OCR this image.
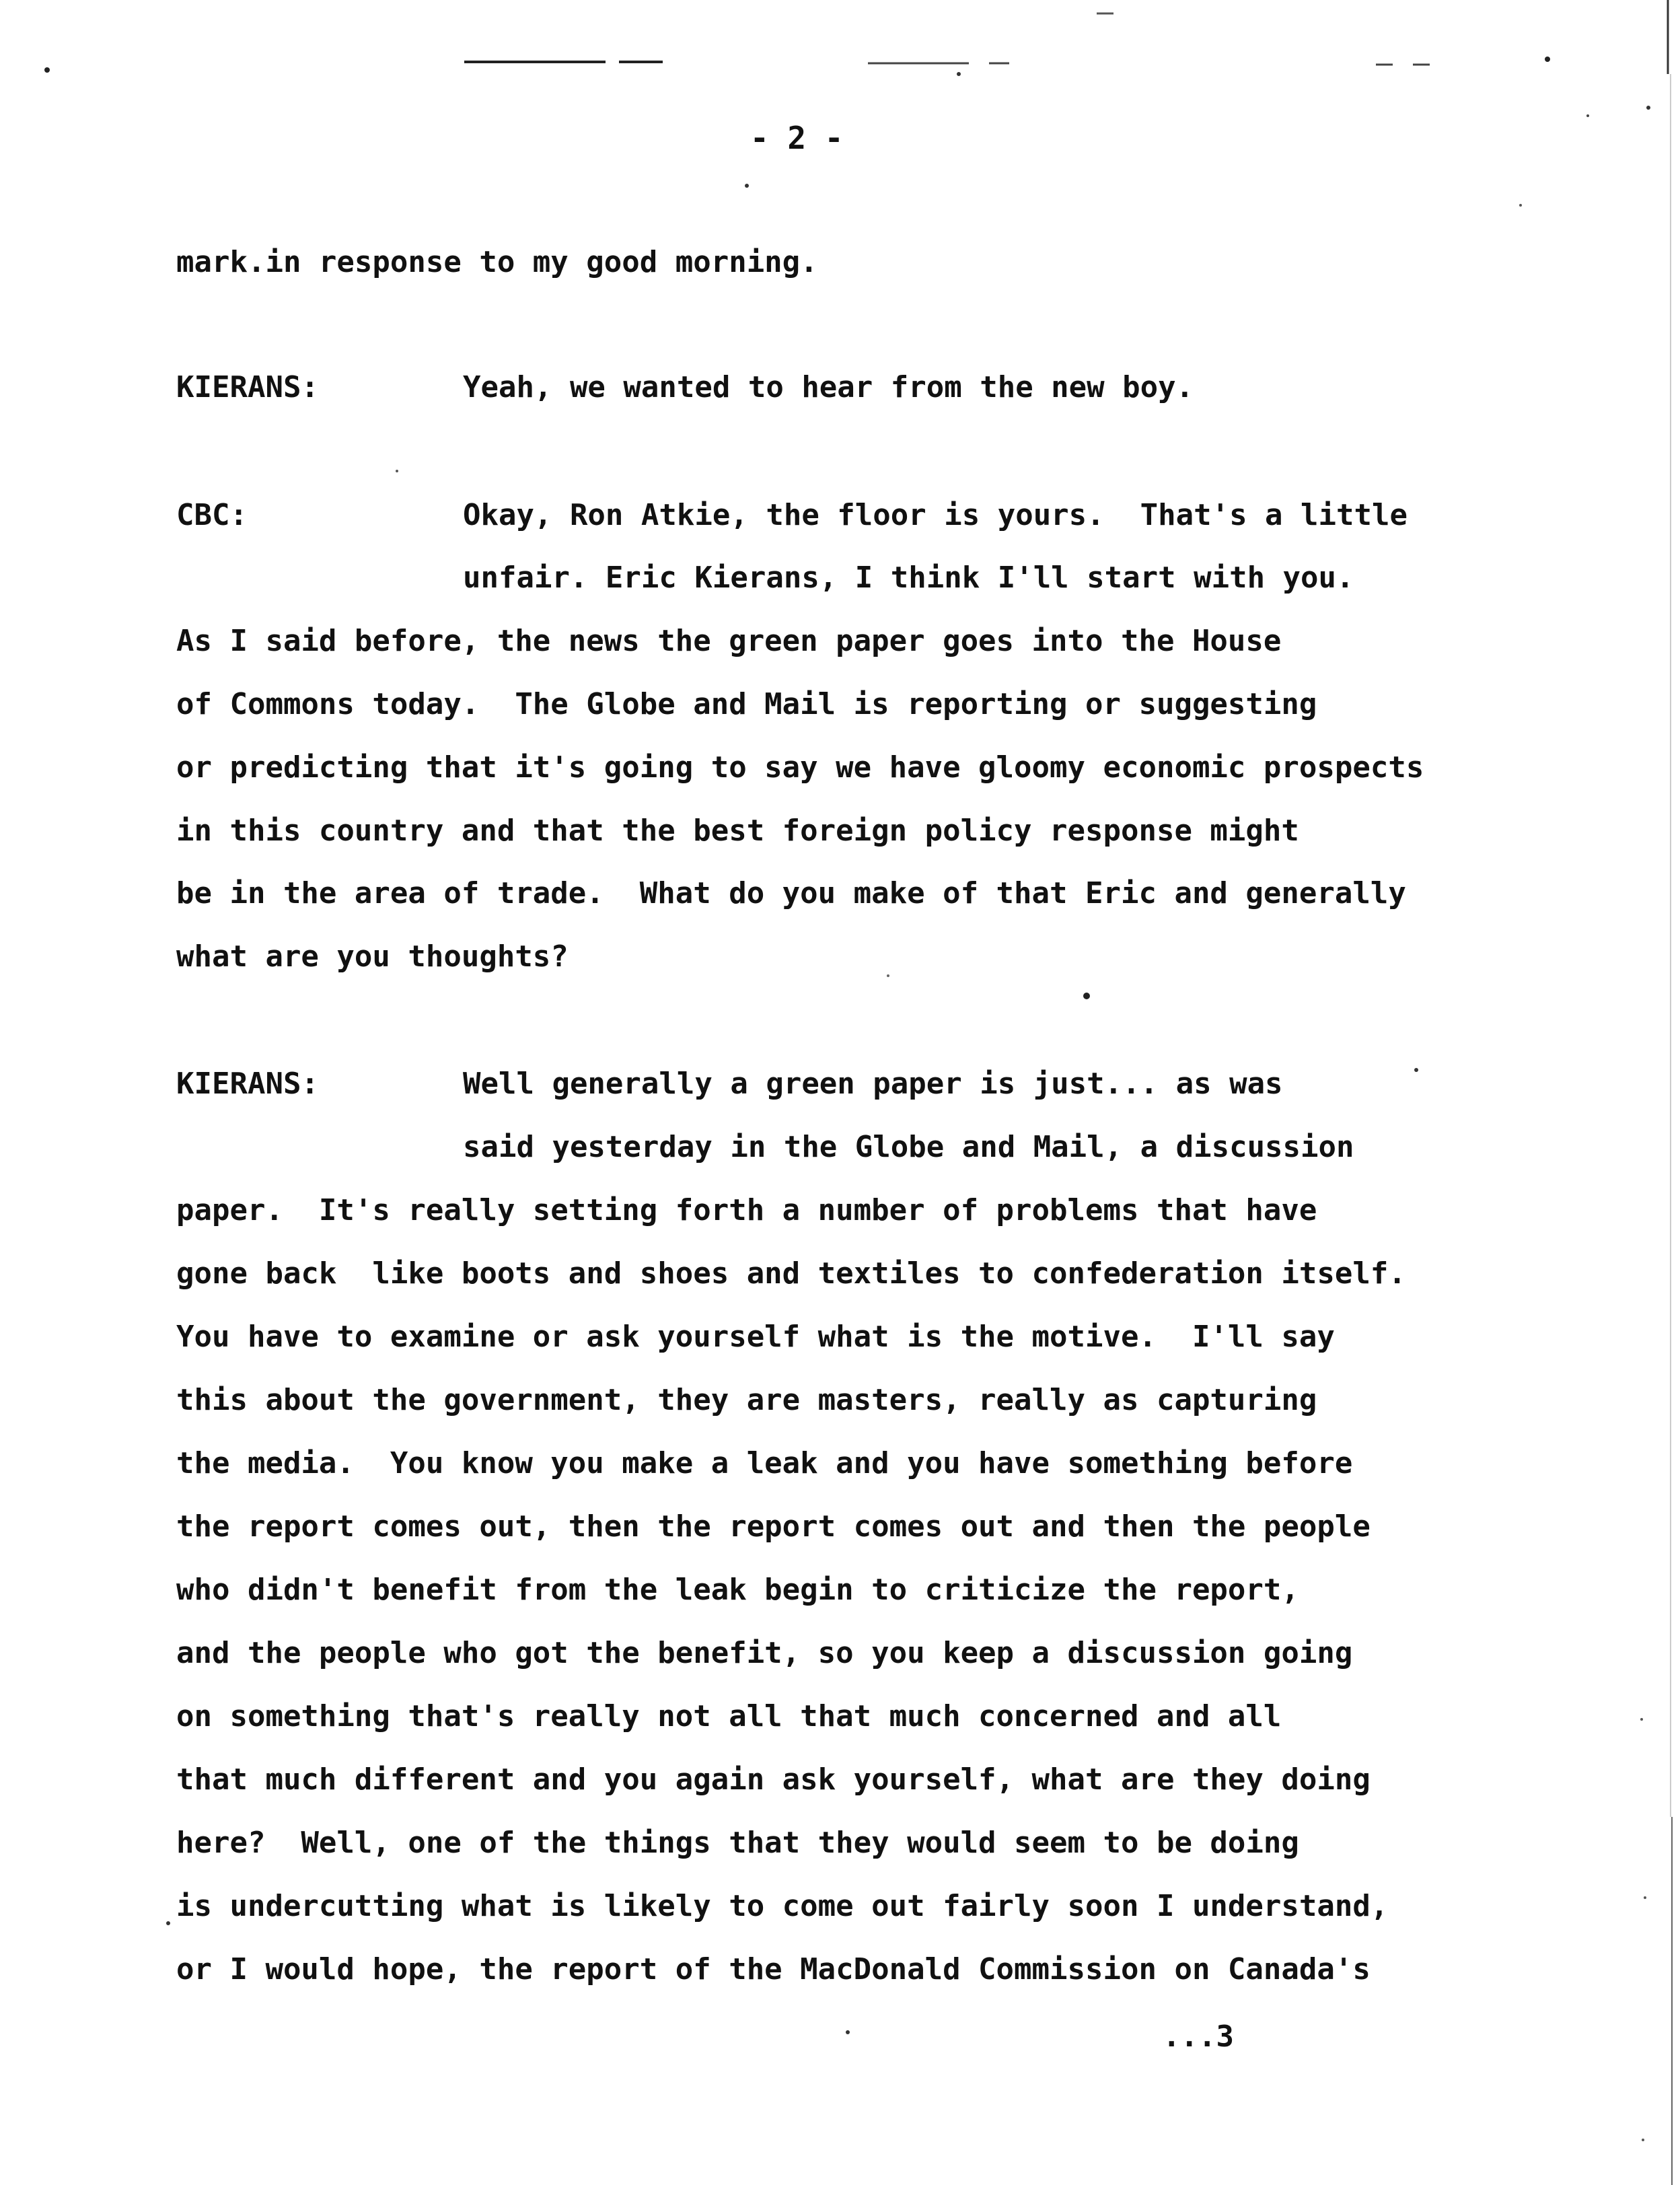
- 2 -
mark.in response to my good morning.
KIERANS:	Yeah, we wanted to hear from the new boy.
CBC:	Okay, Ron Atkie, the floor is yours.  That's a little
unfair. Eric Kierans, I think I'll start with you.
As I said before, the news the green paper goes into the House
of Commons today.  The Globe and Mail is reporting or suggesting
or predicting that it's going to say we have gloomy economic prospects
in this country and that the best foreign policy response might
be in the area of trade.  What do you make of that Eric and generally
what are you thoughts?
KIERANS:	Well generally a green paper is just... as was
said yesterday in the Globe and Mail, a discussion
paper.  It's really setting forth a number of problems that have
gone back  like boots and shoes and textiles to confederation itself.
You have to examine or ask yourself what is the motive.  I'll say
this about the government, they are masters, really as capturing
the media.  You know you make a leak and you have something before
the report comes out, then the report comes out and then the people
who didn't benefit from the leak begin to criticize the report,
and the people who got the benefit, so you keep a discussion going
on something that's really not all that much concerned and all
that much different and you again ask yourself, what are they doing
here?  Well, one of the things that they would seem to be doing
is undercutting what is likely to come out fairly soon I understand,
or I would hope, the report of the MacDonald Commission on Canada's
...3
